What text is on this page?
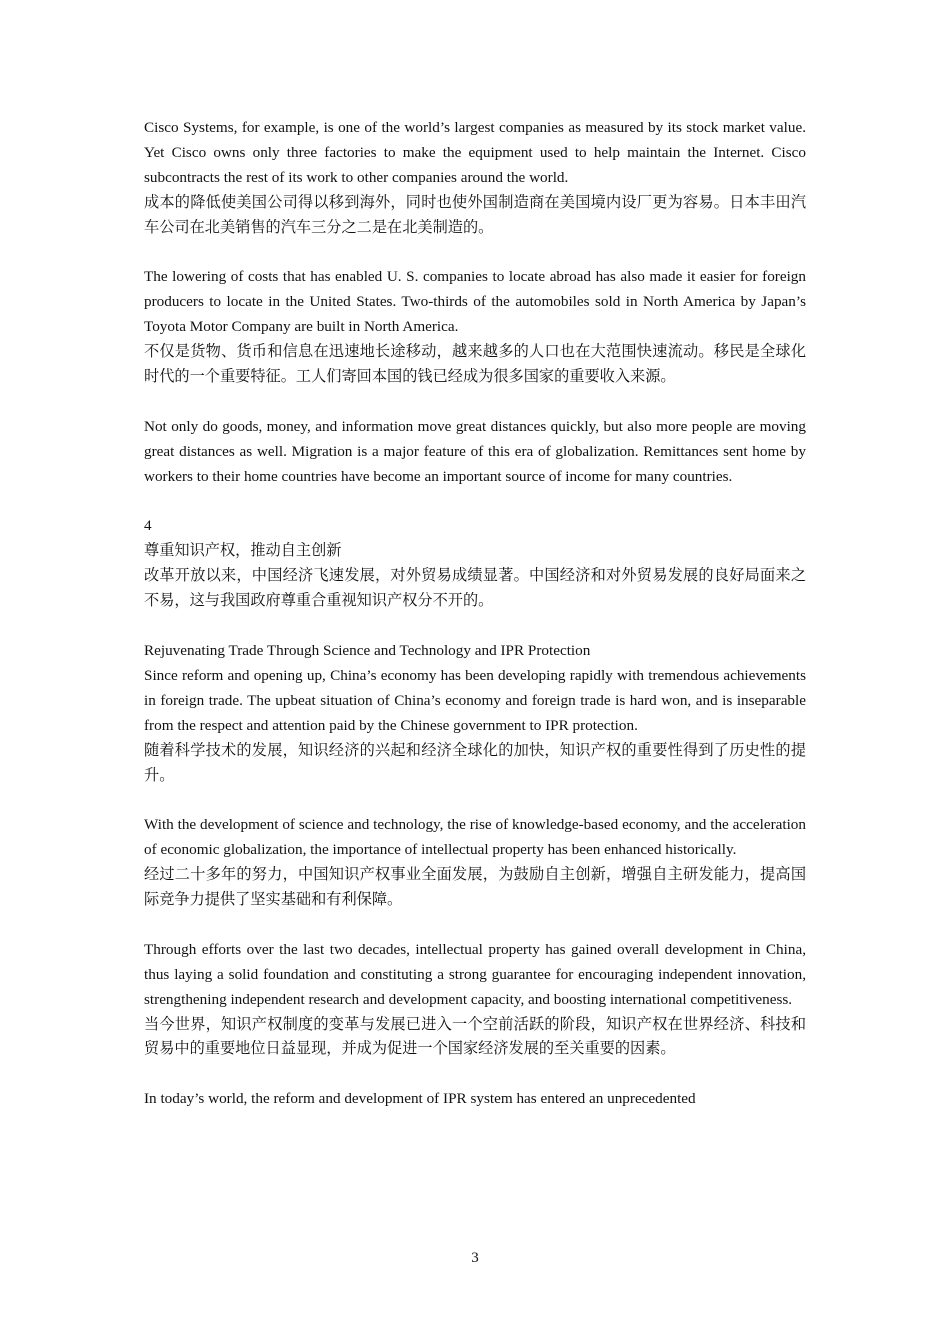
Cisco Systems, for example, is one of the world’s largest companies as measured by its stock market value. Yet Cisco owns only three factories to make the equipment used to help maintain the Internet. Cisco subcontracts the rest of its work to other companies around the world.

成本的降低使美国公司得以移到海外，同时也使外国制造商在美国境内设厂更为容易。日本丰田汽车公司在北美销售的汽车三分之二是在北美制造的。

The lowering of costs that has enabled U. S. companies to locate abroad has also made it easier for foreign producers to locate in the United States. Two-thirds of the automobiles sold in North America by Japan’s Toyota Motor Company are built in North America.

不仅是货物、货币和信息在迅速地长途移动，越来越多的人口也在大范围快速流动。移民是全球化时代的一个重要特征。工人们寄回本国的钱已经成为很多国家的重要收入来源。

Not only do goods, money, and information move great distances quickly, but also more people are moving great distances as well. Migration is a major feature of this era of globalization. Remittances sent home by workers to their home countries have become an important source of income for many countries.

4

尊重知识产权，推动自主创新

改革开放以来，中国经济飞速发展，对外贸易成绩显著。中国经济和对外贸易发展的良好局面来之不易，这与我国政府尊重合重视知识产权分不开的。

Rejuvenating Trade Through Science and Technology and IPR Protection

Since reform and opening up, China’s economy has been developing rapidly with tremendous achievements in foreign trade. The upbeat situation of China’s economy and foreign trade is hard won, and is inseparable from the respect and attention paid by the Chinese government to IPR protection.

随着科学技术的发展，知识经济的兴起和经济全球化的加快，知识产权的重要性得到了历史性的提升。

With the development of science and technology, the rise of knowledge-based economy, and the acceleration of economic globalization, the importance of intellectual property has been enhanced historically.

经过二十多年的努力，中国知识产权事业全面发展，为鼓励自主创新，增强自主研发能力，提高国际竞争力提供了坚实基础和有利保障。

Through efforts over the last two decades, intellectual property has gained overall development in China, thus laying a solid foundation and constituting a strong guarantee for encouraging independent innovation, strengthening independent research and development capacity, and boosting international competitiveness.

当今世界，知识产权制度的变革与发展已进入一个空前活跃的阶段，知识产权在世界经济、科技和贸易中的重要地位日益显现，并成为促进一个国家经济发展的至关重要的因素。

In today’s world, the reform and development of IPR system has entered an unprecedented

3
